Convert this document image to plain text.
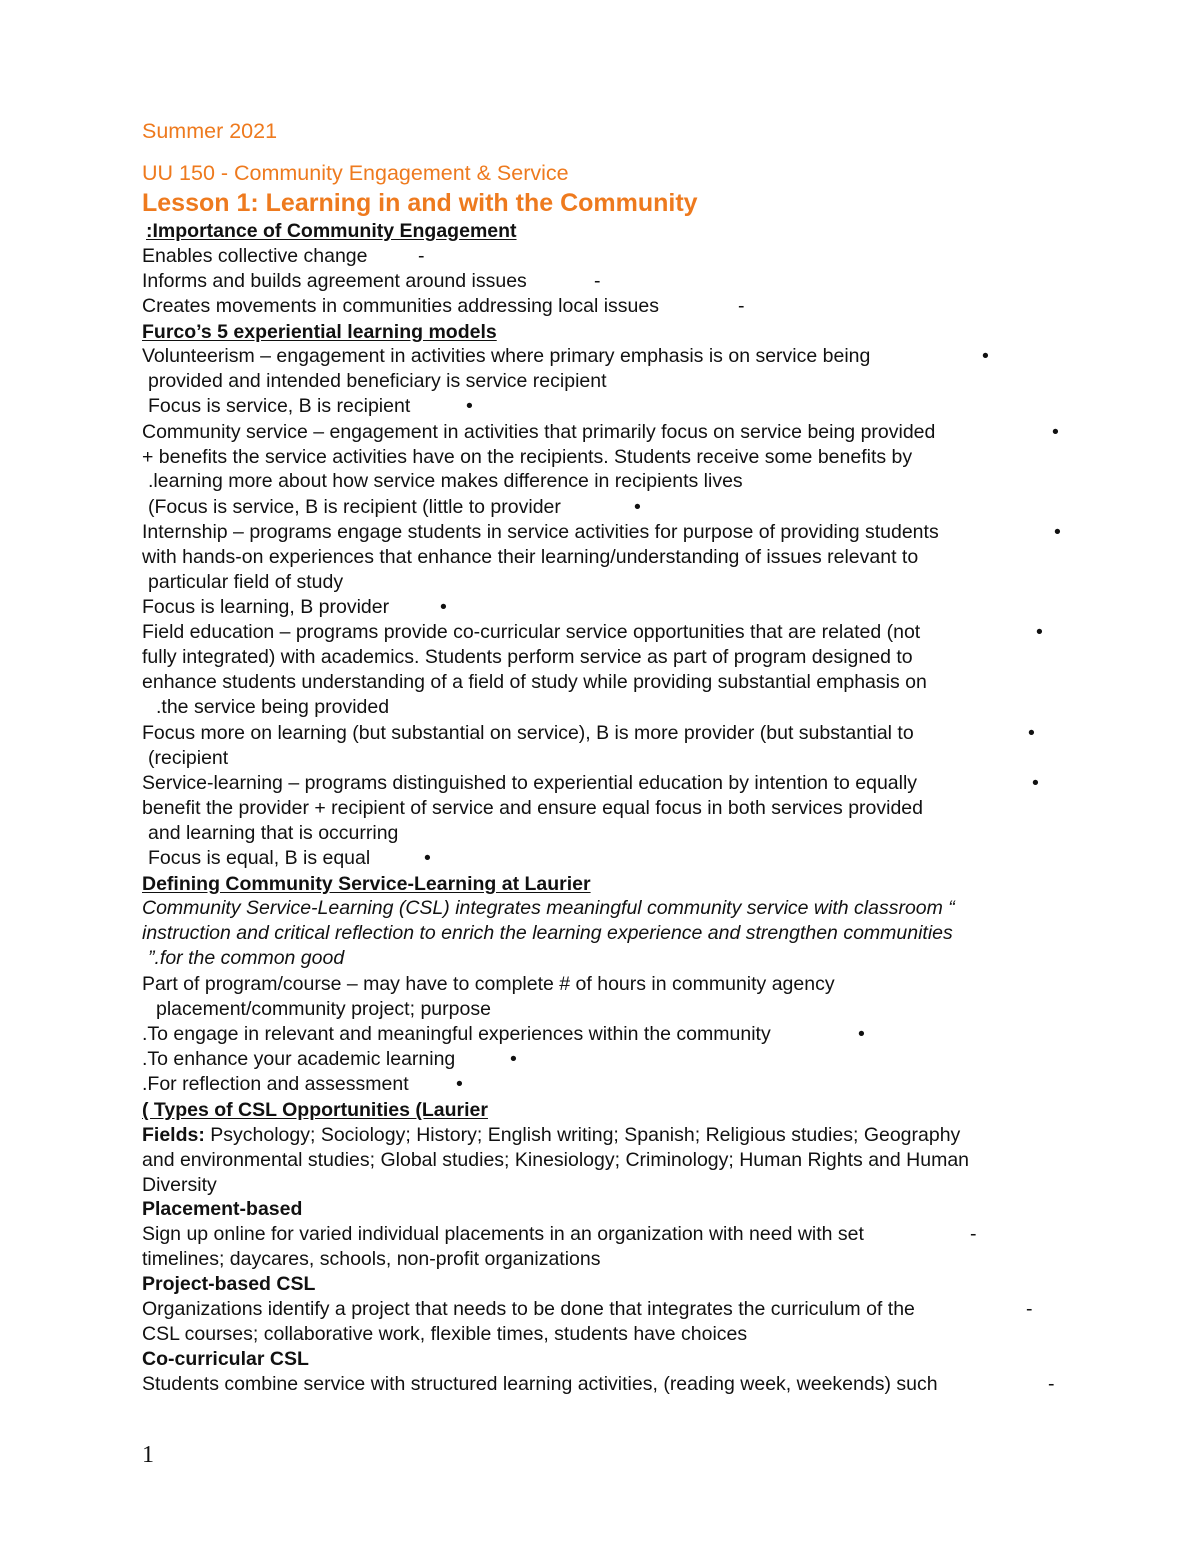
Summer 2021
UU 150 - Community Engagement & Service
Lesson 1: Learning in and with the Community
:Importance of Community Engagement
Enables collective change	-
Informs and builds agreement around issues	-
Creates movements in communities addressing local issues	-
Furco’s 5 experiential learning models
Volunteerism – engagement in activities where primary emphasis is on service being	•
provided and intended beneficiary is service recipient
Focus is service, B is recipient	•
Community service – engagement in activities that primarily focus on service being provided	•
+ benefits the service activities have on the recipients. Students receive some benefits by
.learning more about how service makes difference in recipients lives
(Focus is service, B is recipient (little to provider	•
Internship – programs engage students in service activities for purpose of providing students	•
with hands-on experiences that enhance their learning/understanding of issues relevant to
particular field of study
Focus is learning, B provider	•
Field education – programs provide co-curricular service opportunities that are related (not	•
fully integrated) with academics. Students perform service as part of program designed to
enhance students understanding of a field of study while providing substantial emphasis on
.the service being provided
Focus more on learning (but substantial on service), B is more provider (but substantial to	•
(recipient
Service-learning – programs distinguished to experiential education by intention to equally	•
benefit the provider + recipient of service and ensure equal focus in both services provided
and learning that is occurring
Focus is equal, B is equal	•
Defining Community Service-Learning at Laurier
Community Service-Learning (CSL) integrates meaningful community service with classroom “
instruction and critical reflection to enrich the learning experience and strengthen communities
”.for the common good
Part of program/course – may have to complete # of hours in community agency
placement/community project; purpose
.To engage in relevant and meaningful experiences within the community	•
.To enhance your academic learning	•
.For reflection and assessment •
( Types of CSL Opportunities (Laurier
Fields: Psychology; Sociology; History; English writing; Spanish; Religious studies; Geography
and environmental studies; Global studies; Kinesiology; Criminology; Human Rights and Human
Diversity
Placement-based
Sign up online for varied individual placements in an organization with need with set	-
timelines; daycares, schools, non-profit organizations
Project-based CSL
Organizations identify a project that needs to be done that integrates the curriculum of the	-
CSL courses; collaborative work, flexible times, students have choices
Co-curricular CSL
Students combine service with structured learning activities, (reading week, weekends) such	-
1
